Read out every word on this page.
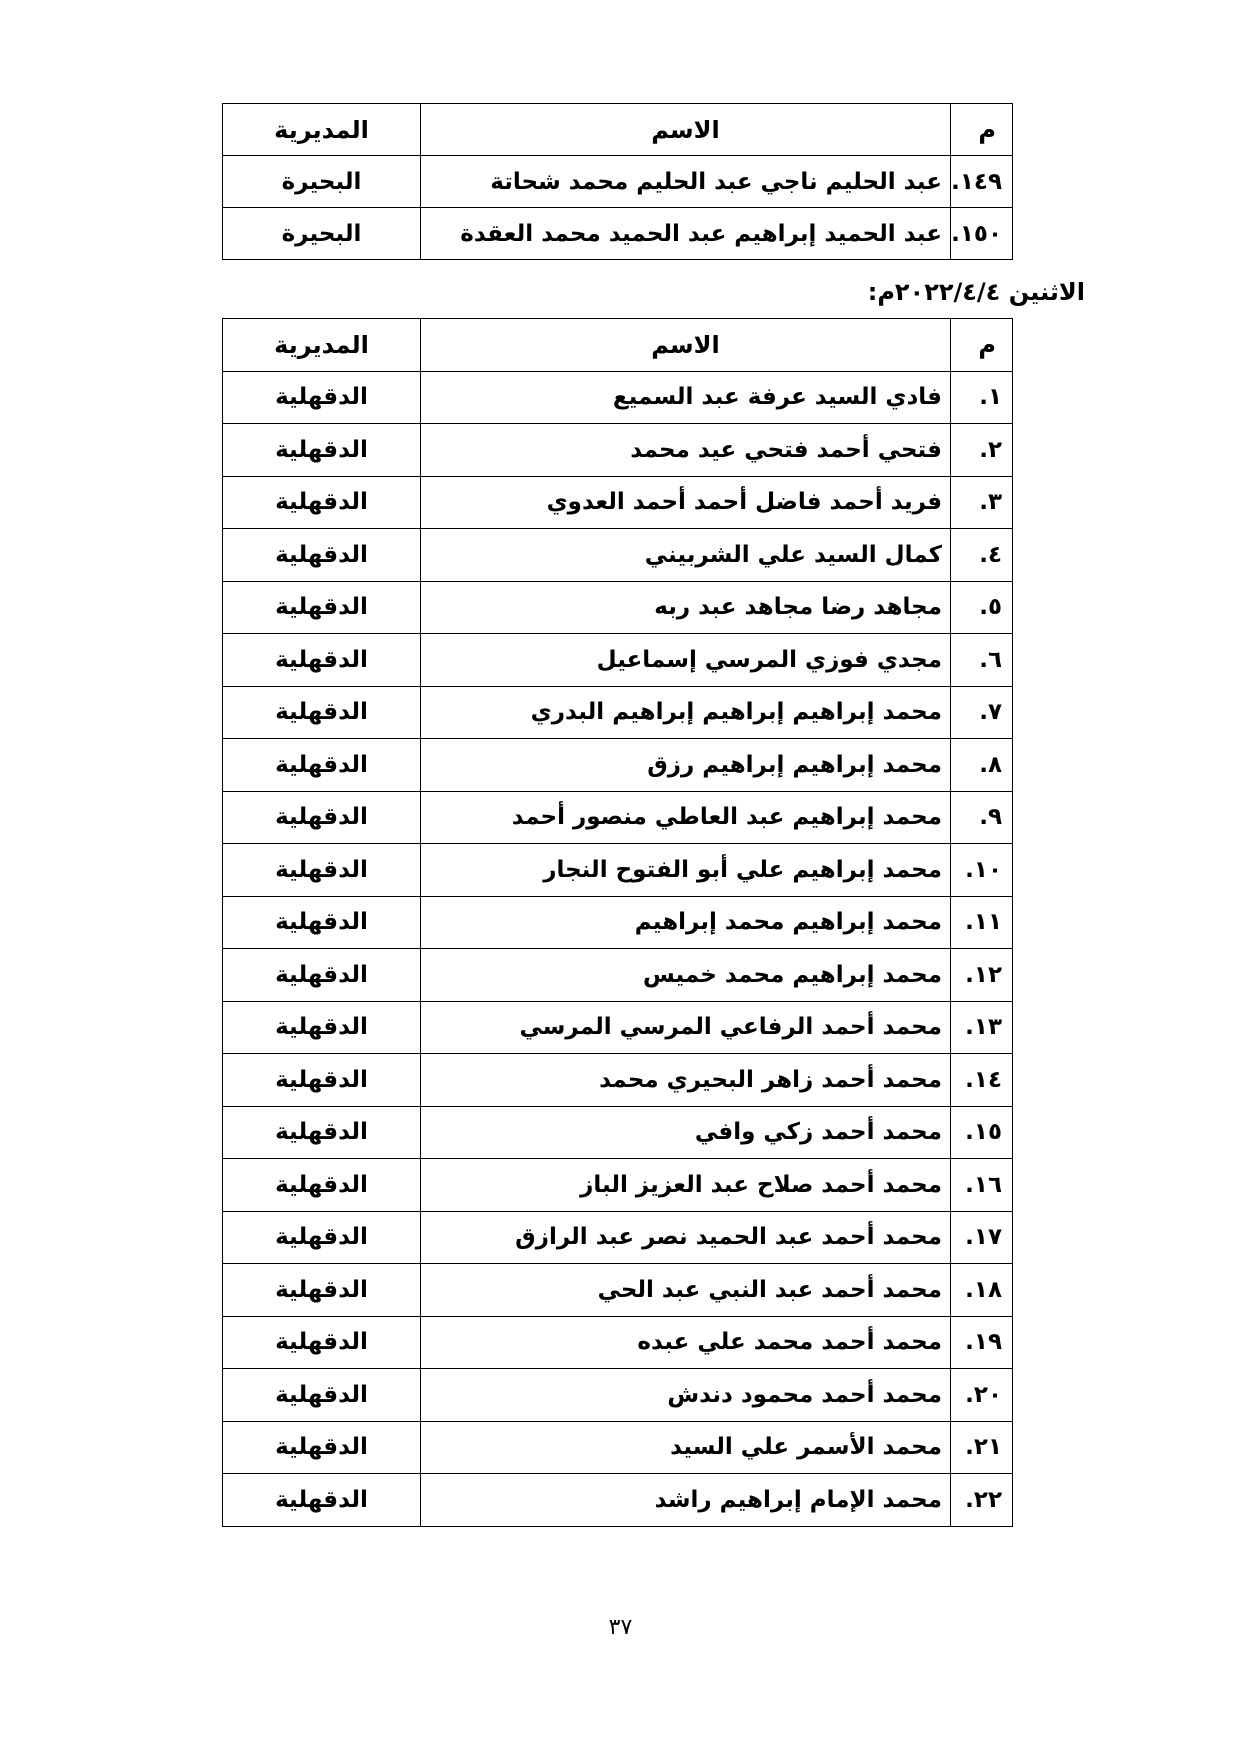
م	الاسم	المديرية
١٤٩.	عبد الحليم ناجي عبد الحليم محمد شحاتة	البحيرة
١٥٠.	عبد الحميد إبراهيم عبد الحميد محمد العقدة	البحيرة
الاثنين ٢٠٢٢/٤/٤م:
م	الاسم	المديرية
١.	فادي السيد عرفة عبد السميع	الدقهلية
٢.	فتحي أحمد فتحي عيد محمد	الدقهلية
٣.	فريد أحمد فاضل أحمد أحمد العدوي	الدقهلية
٤.	كمال السيد علي الشربيني	الدقهلية
٥.	مجاهد رضا مجاهد عبد ربه	الدقهلية
٦.	مجدي فوزي المرسي إسماعيل	الدقهلية
٧.	محمد إبراهيم إبراهيم إبراهيم البدري	الدقهلية
٨.	محمد إبراهيم إبراهيم رزق	الدقهلية
٩.	محمد إبراهيم عبد العاطي منصور أحمد	الدقهلية
١٠.	محمد إبراهيم علي أبو الفتوح النجار	الدقهلية
١١.	محمد إبراهيم محمد إبراهيم	الدقهلية
١٢.	محمد إبراهيم محمد خميس	الدقهلية
١٣.	محمد أحمد الرفاعي المرسي المرسي	الدقهلية
١٤.	محمد أحمد زاهر البحيري محمد	الدقهلية
١٥.	محمد أحمد زكي وافي	الدقهلية
١٦.	محمد أحمد صلاح عبد العزيز الباز	الدقهلية
١٧.	محمد أحمد عبد الحميد نصر عبد الرازق	الدقهلية
١٨.	محمد أحمد عبد النبي عبد الحي	الدقهلية
١٩.	محمد أحمد محمد علي عبده	الدقهلية
٢٠.	محمد أحمد محمود دندش	الدقهلية
٢١.	محمد الأسمر علي السيد	الدقهلية
٢٢.	محمد الإمام إبراهيم راشد	الدقهلية
٣٧
